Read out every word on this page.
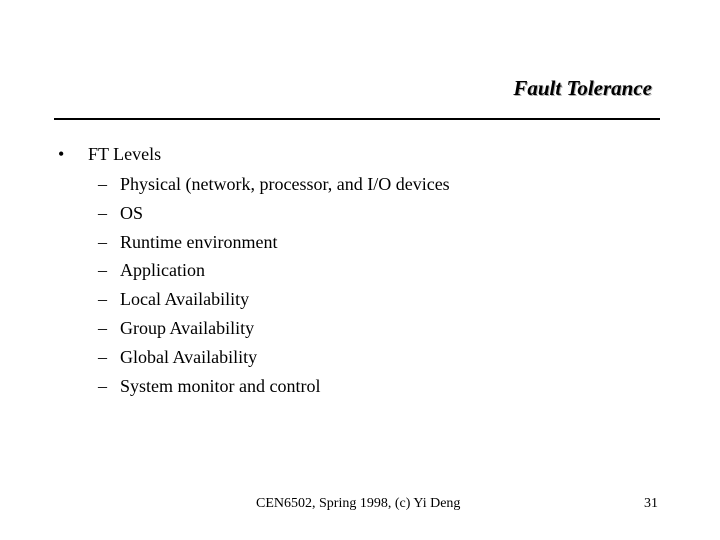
Fault Tolerance
• FT Levels
– Physical (network, processor, and I/O devices
– OS
– Runtime environment
– Application
– Local Availability
– Group Availability
– Global Availability
– System monitor and control
CEN6502, Spring 1998, (c) Yi Deng	31
